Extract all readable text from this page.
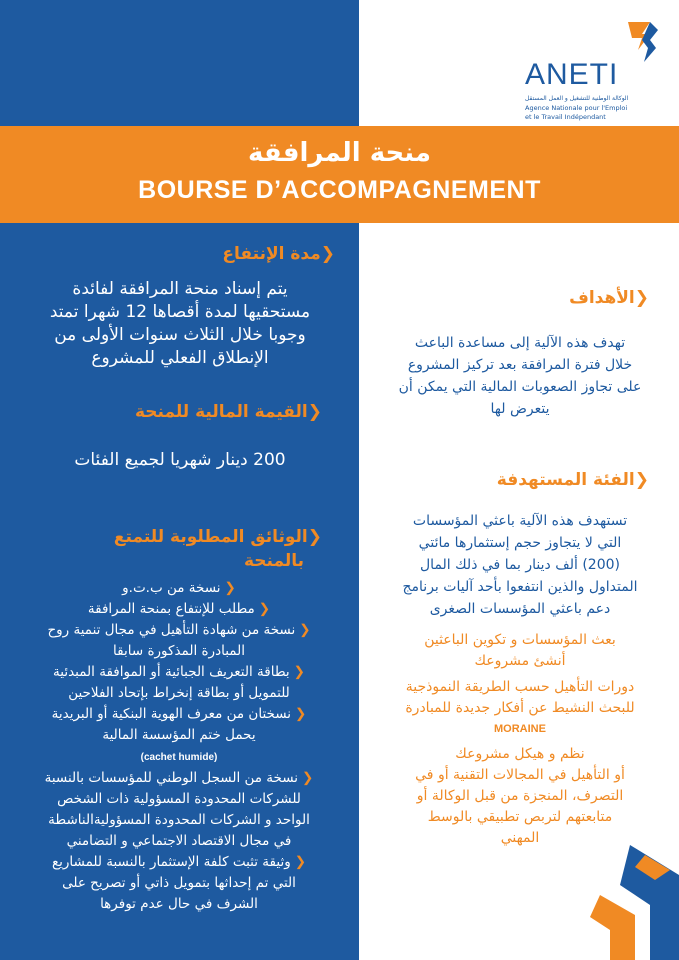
ANETI
الوكالة الوطنية للتشغيل و العمل المستقل
Agence Nationale pour l'Emploi
et le Travail Indépendant
منحة المرافقة
BOURSE D’ACCOMPAGNEMENT
❮مدة الإنتفاع
يتم إسناد منحة المرافقة لفائدة
مستحقيها لمدة أقصاها 12 شهرا تمتد
وجوبا خلال الثلاث سنوات الأولى من
الإنطلاق الفعلي للمشروع
❮القيمة المالية للمنحة
200 دينار شهريا لجميع الفئات
❮الوثائق المطلوبة للتمتع
بالمنحة
❮نسخة من ب.ت.و
❮مطلب للإنتفاع بمنحة المرافقة
❮نسخة من شهادة التأهيل في مجال تنمية روح
المبادرة المذكورة سابقا
❮بطاقة التعريف الجبائية أو الموافقة المبدئية
للتمويل أو بطاقة إنخراط بإتحاد الفلاحين
❮نسختان من معرف الهوية البنكية أو البريدية
يحمل ختم المؤسسة المالية
(cachet humide)
❮نسخة من السجل الوطني للمؤسسات بالنسبة
للشركات المحدودة المسؤولية ذات الشخص
الواحد و الشركات المحدودة المسؤوليةالناشطة
في مجال الاقتصاد الاجتماعي و التضامني
❮وثيقة تثبت كلفة الإستثمار بالنسبة للمشاريع
التي تم إحداثها بتمويل ذاتي أو تصريح على
الشرف في حال عدم توفرها
❮الأهداف
تهدف هذه الآلية إلى مساعدة الباعث
خلال فترة المرافقة بعد تركيز المشروع
على تجاوز الصعوبات المالية التي يمكن أن
يتعرض لها
❮الفئة المستهدفة
تستهدف هذه الآلية باعثي المؤسسات
التي لا يتجاوز حجم إستثمارها مائتي
(200) ألف دينار بما في ذلك المال
المتداول والذين انتفعوا بأحد آليات برنامج
دعم باعثي المؤسسات الصغرى
بعث المؤسسات و تكوين الباعثين
أنشئ مشروعك
دورات التأهيل حسب الطريقة النموذجية
للبحث النشيط عن أفكار جديدة للمبادرة
MORAINE
نظم و هيكل مشروعك
أو التأهيل في المجالات التقنية أو في
التصرف، المنجزة من قبل الوكالة أو
متابعتهم لتربص تطبيقي بالوسط
المهني
